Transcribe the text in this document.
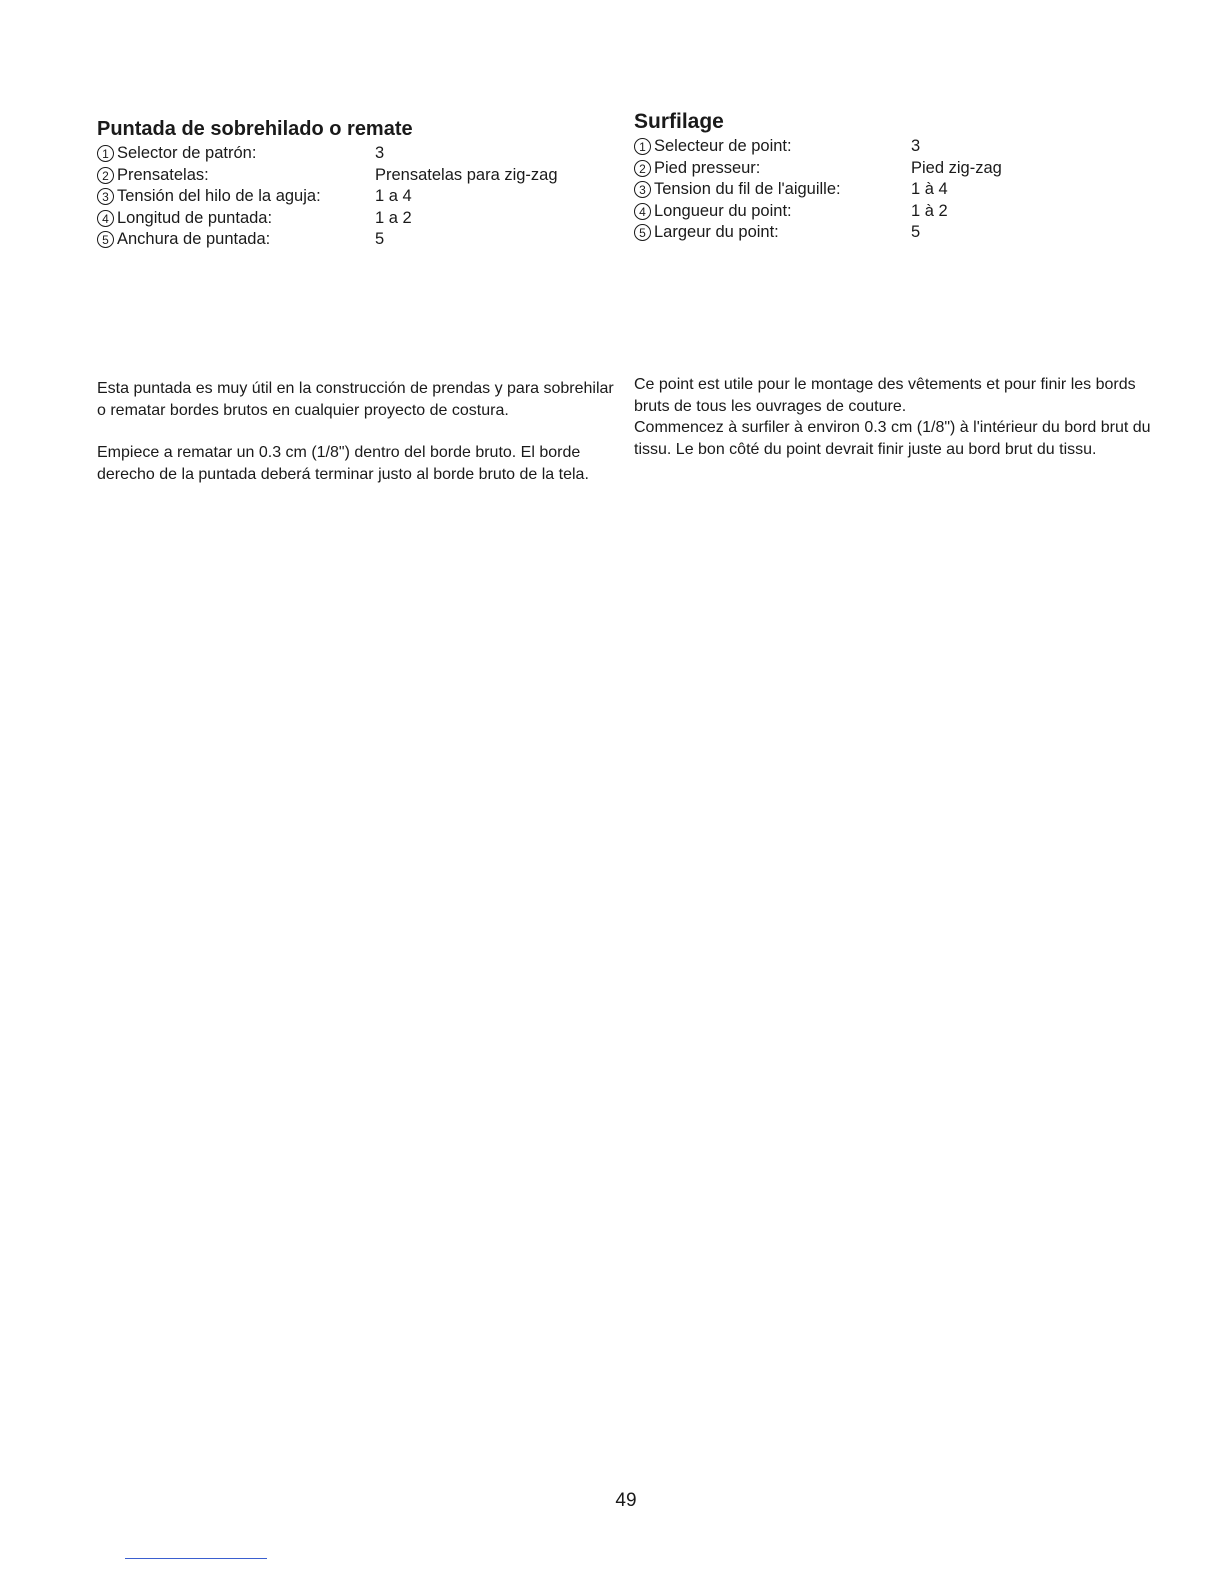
Puntada de sobrehilado o remate
1 Selector de patrón:	3
2 Prensatelas:	Prensatelas para zig-zag
3 Tensión del hilo de la aguja:	1 a 4
4 Longitud de puntada:	1 a 2
5 Anchura de puntada:	5

Esta puntada es muy útil en la construcción de prendas y para sobrehilar o rematar bordes brutos en cualquier proyecto de costura.

Empiece a rematar un 0.3 cm (1/8") dentro del borde bruto. El borde derecho de la puntada deberá terminar justo al borde bruto de la tela.

Surfilage
1 Selecteur de point:	3
2 Pied presseur:	Pied zig-zag
3 Tension du fil de l'aiguille:	1 à 4
4 Longueur du point:	1 à 2
5 Largeur du point:	5

Ce point est utile pour le montage des vêtements et pour finir les bords bruts de tous les ouvrages de couture.

Commencez à surfiler à environ 0.3 cm (1/8") à l'intérieur du bord brut du tissu. Le bon côté du point devrait finir juste au bord brut du tissu.

49
